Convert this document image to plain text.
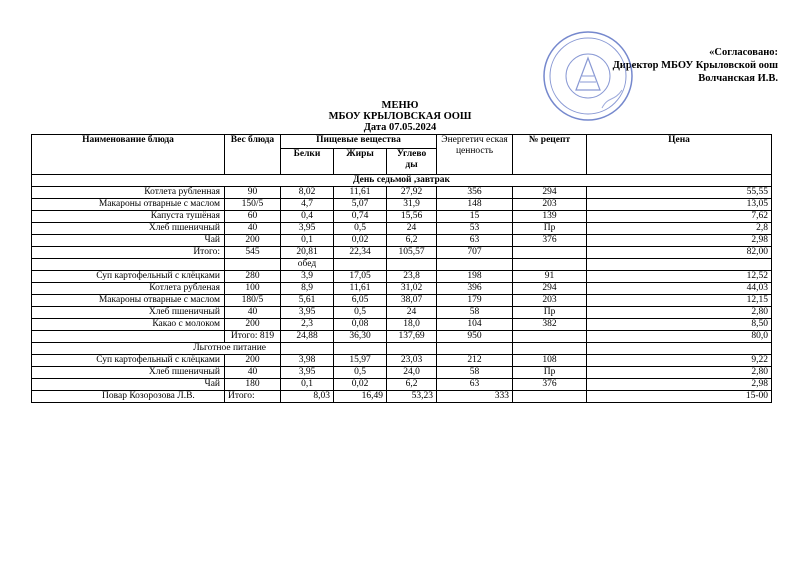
«Согласовано:
Директор МБОУ Крыловской оош
Волчанская И.В.
МЕНЮ
МБОУ КРЫЛОВСКАЯ ООШ
Дата 07.05.2024
Наименование блюда	Вес блюда	Пищевые вещества			Энергетич еская ценность	№ рецепт	Цена
		Белки	Жиры	Углево ды			
День седьмой ,завтрак							
Котлета рубленная	90	8,02	11,61	27,92	356	294	55,55
Макароны отварные с маслом	150/5	4,7	5,07	31,9	148	203	13,05
Капуста тушёная	60	0,4	0,74	15,56	15	139	7,62
Хлеб пшеничный	40	3,95	0,5	24	53	Пр	2,8
Чай	200	0,1	0,02	6,2	63	376	2,98
Итого:	545	20,81	22,34	105,57	707		82,00
		обед					
Суп картофельный с клёцками	280	3,9	17,05	23,8	198	91	12,52
Котлета рубленая	100	8,9	11,61	31,02	396	294	44,03
Макароны отварные с маслом	180/5	5,61	6,05	38,07	179	203	12,15
Хлеб пшеничный	40	3,95	0,5	24	58	Пр	2,80
Какао с молоком	200	2,3	0,08	18,0	104	382	8,50
	Итого: 819	24,88	36,30	137,69	950		80,0
Льготное питание							
Суп картофельный с клёцками	200	3,98	15,97	23,03	212	108	9,22
Хлеб пшеничный	40	3,95	0,5	24,0	58	Пр	2,80
Чай	180	0,1	0,02	6,2	63	376	2,98
Повар Козорозова Л.В.	Итого:	8,03	16,49	53,23	333		15-00
